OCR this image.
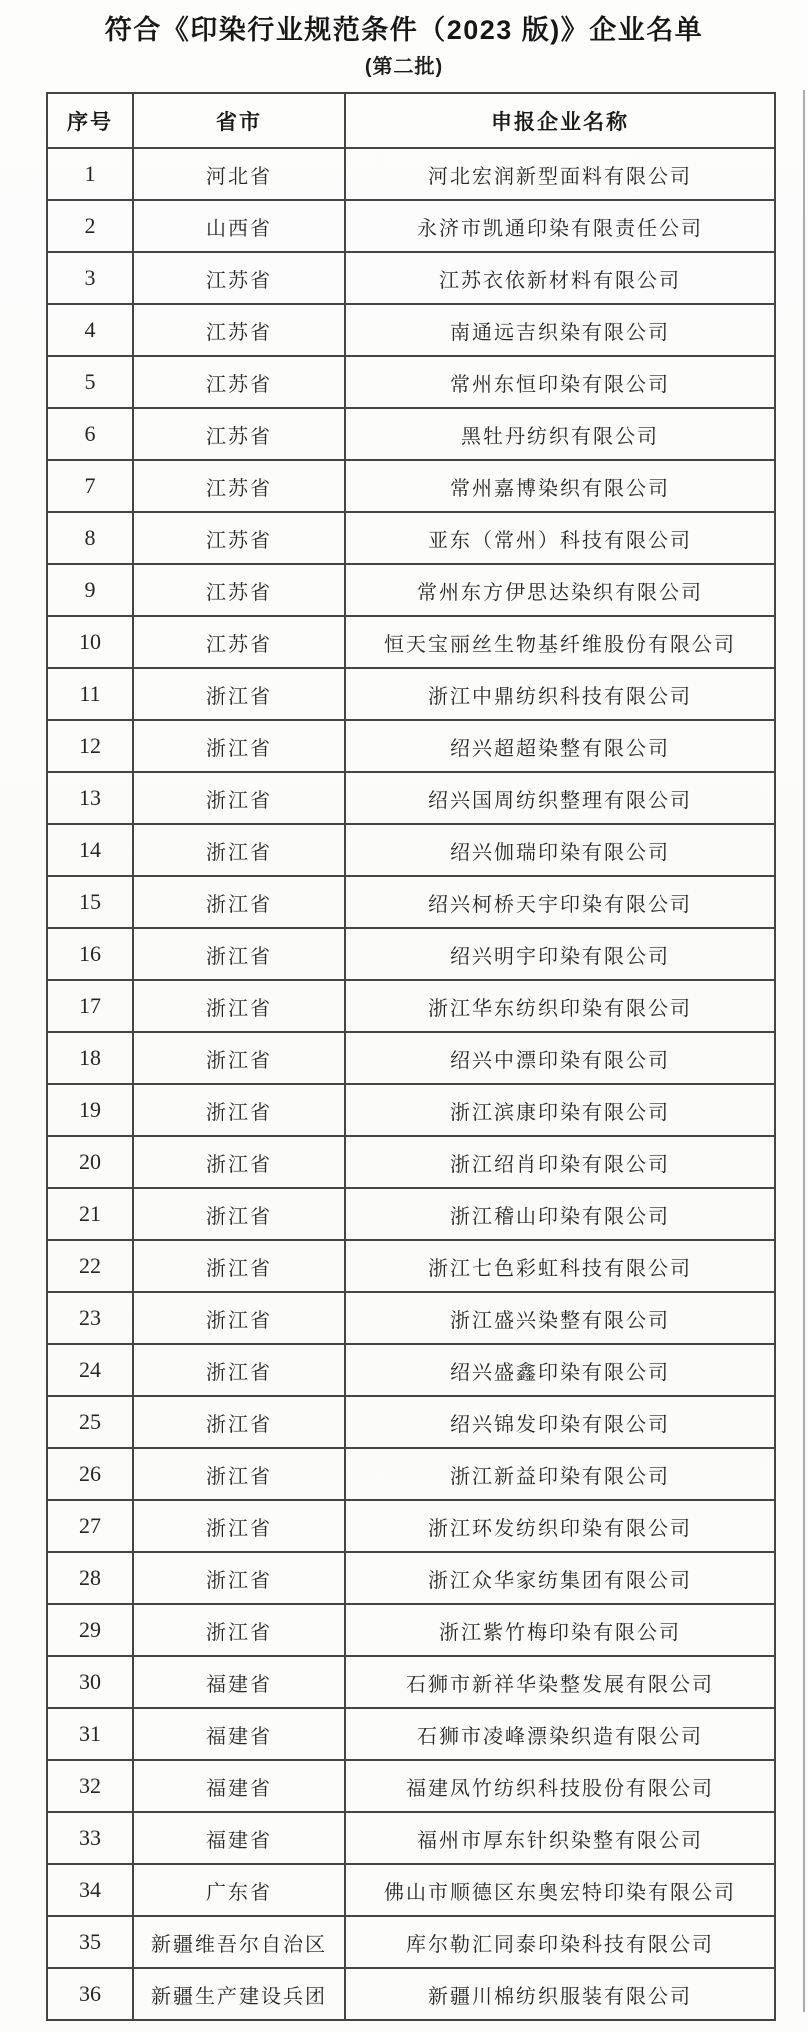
符合《印染行业规范条件（2023 版)》企业名单
(第二批)
序号	省市	申报企业名称
1	河北省	河北宏润新型面料有限公司
2	山西省	永济市凯通印染有限责任公司
3	江苏省	江苏衣依新材料有限公司
4	江苏省	南通远吉织染有限公司
5	江苏省	常州东恒印染有限公司
6	江苏省	黑牡丹纺织有限公司
7	江苏省	常州嘉博染织有限公司
8	江苏省	亚东（常州）科技有限公司
9	江苏省	常州东方伊思达染织有限公司
10	江苏省	恒天宝丽丝生物基纤维股份有限公司
11	浙江省	浙江中鼎纺织科技有限公司
12	浙江省	绍兴超超染整有限公司
13	浙江省	绍兴国周纺织整理有限公司
14	浙江省	绍兴伽瑞印染有限公司
15	浙江省	绍兴柯桥天宇印染有限公司
16	浙江省	绍兴明宇印染有限公司
17	浙江省	浙江华东纺织印染有限公司
18	浙江省	绍兴中漂印染有限公司
19	浙江省	浙江滨康印染有限公司
20	浙江省	浙江绍肖印染有限公司
21	浙江省	浙江稽山印染有限公司
22	浙江省	浙江七色彩虹科技有限公司
23	浙江省	浙江盛兴染整有限公司
24	浙江省	绍兴盛鑫印染有限公司
25	浙江省	绍兴锦发印染有限公司
26	浙江省	浙江新益印染有限公司
27	浙江省	浙江环发纺织印染有限公司
28	浙江省	浙江众华家纺集团有限公司
29	浙江省	浙江紫竹梅印染有限公司
30	福建省	石狮市新祥华染整发展有限公司
31	福建省	石狮市凌峰漂染织造有限公司
32	福建省	福建凤竹纺织科技股份有限公司
33	福建省	福州市厚东针织染整有限公司
34	广东省	佛山市顺德区东奥宏特印染有限公司
35	新疆维吾尔自治区	库尔勒汇同泰印染科技有限公司
36	新疆生产建设兵团	新疆川棉纺织服装有限公司
